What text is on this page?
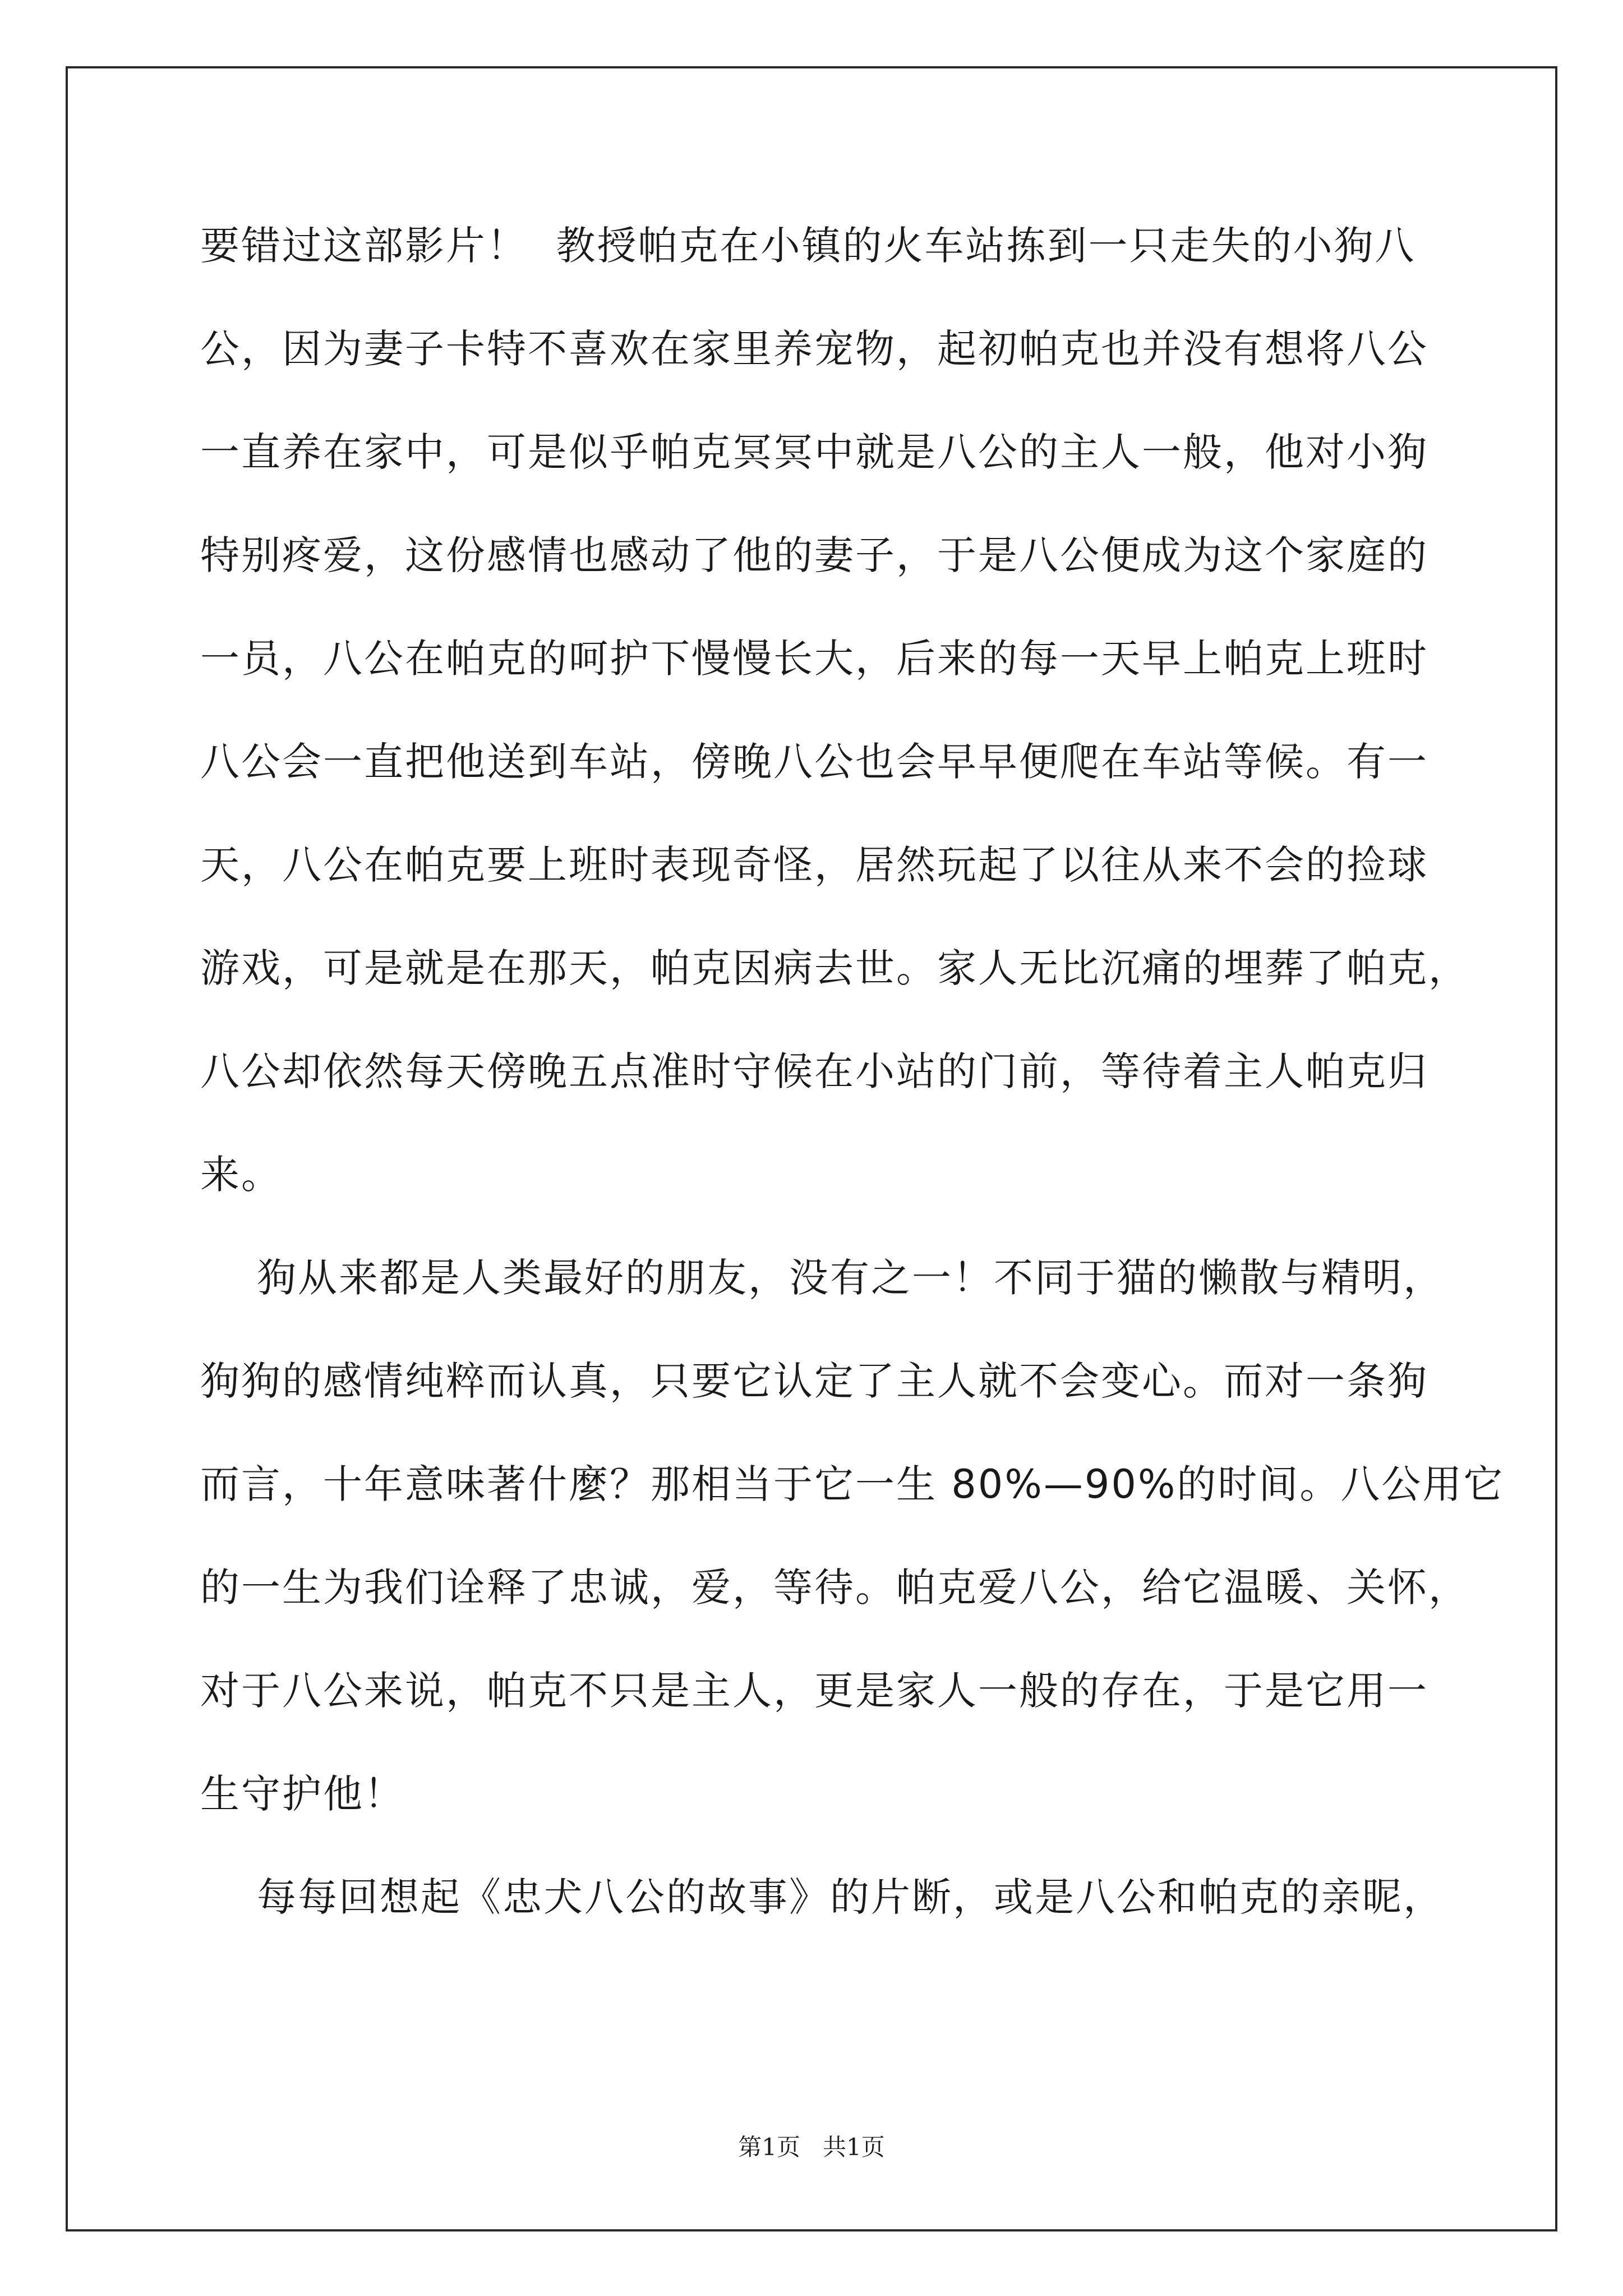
要错过这部影片！  教授帕克在小镇的火车站拣到一只走失的小狗八

公，因为妻子卡特不喜欢在家里养宠物，起初帕克也并没有想将八公

一直养在家中，可是似乎帕克冥冥中就是八公的主人一般，他对小狗

特别疼爱，这份感情也感动了他的妻子，于是八公便成为这个家庭的

一员，八公在帕克的呵护下慢慢长大，后来的每一天早上帕克上班时

八公会一直把他送到车站，傍晚八公也会早早便爬在车站等候。有一

天，八公在帕克要上班时表现奇怪，居然玩起了以往从来不会的捡球

游戏，可是就是在那天，帕克因病去世。家人无比沉痛的埋葬了帕克，

八公却依然每天傍晚五点准时守候在小站的门前，等待着主人帕克归

来。

狗从来都是人类最好的朋友，没有之一！不同于猫的懒散与精明，

狗狗的感情纯粹而认真，只要它认定了主人就不会变心。而对一条狗

而言，十年意味著什麼？那相当于它一生 80%—90%的时间。八公用它

的一生为我们诠释了忠诚，爱，等待。帕克爱八公，给它温暖、关怀，

对于八公来说，帕克不只是主人，更是家人一般的存在，于是它用一

生守护他！

每每回想起《忠犬八公的故事》的片断，或是八公和帕克的亲昵，

第1页   共1页
